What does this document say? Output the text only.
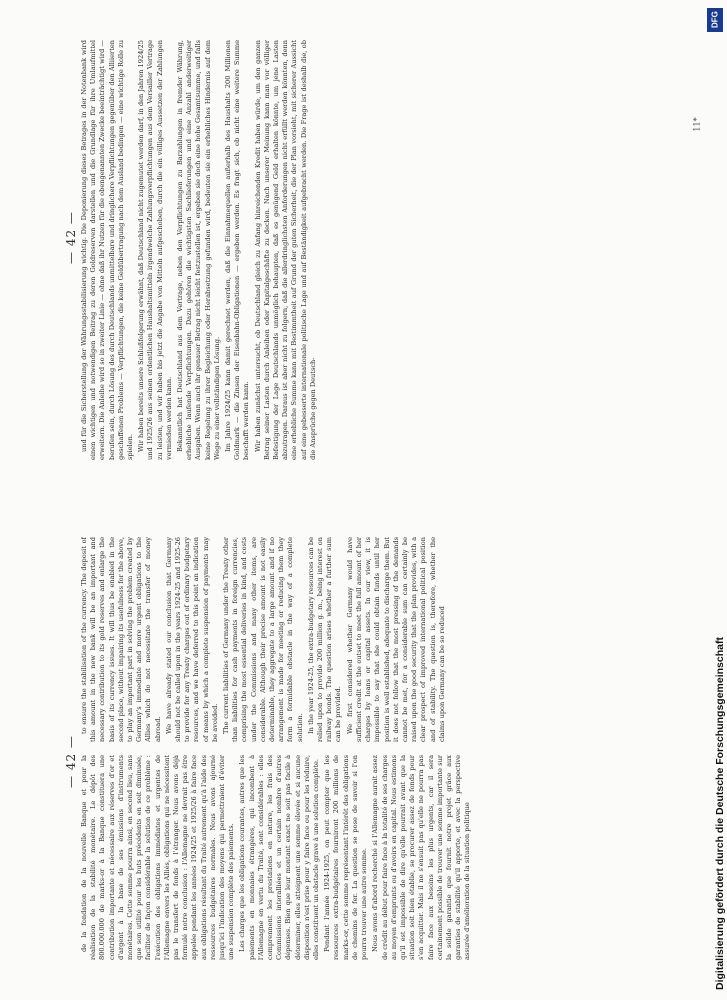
— 42 — de la fondation de la nouvelle Banque et pour la réalisation de la stabilité monétaire. Le dépôt des 800.000.000 de marks-or à la Banque constituera une contribution importante et nécessaire aux réserves d'or et d'argent à la base de ses émissions d'instruments monétaires. Cette somme pourra ainsi, en second lieu, sans que son utilité pour les buts précédents en soit diminuée, faciliter de façon considérable la solution de ce problème : l'exécution des obligations immédiates et urgentes de l'Allemagne envers les Alliés, obligations qui ne nécessitent pas le transfert de fonds à l'étranger. Nous avons déjà formulé notre conclusion : l'Allemagne ne devrait pas être appelée pendant les années 1924/25 et 1925/26 à faire face aux obligations résultant du Traité autrement qu'à l'aide des ressources budgétaires normales. Nous avons ajourné jusqu'ici l'indication des moyens qui permettraient d'éviter une suspension complète des paiements. Les charges que les obligations courantes, autres que les paiements en monnaies étrangères, qui incombent à l'Allemagne en vertu du Traité, sont considérables : elles comprennent les prestations en nature, les frais des Commissions interalliées et un certain nombre d'autres dépenses. Bien que leur montant exact ne soit pas facile à déterminer, elles atteignent une somme élevée et si aucune disposition n'est prise pour y faire face ou pour les réduire, elles constituent un obstacle grave à une solution complète. Pendant l'année 1924-1925, on peut compter que les ressources extra-budgétaires fourniront 200 millions de marks-or, cette somme représentant l'intérêt des obligations de chemins de fer. La question se pose de savoir si l'on pourra trouver une autre somme. Nous avons d'abord recherché si l'Allemagne aurait assez de crédit au début pour faire face à la totalité de ses charges au moyen d'emprunts ou d'avoirs en capital. Nous estimons qu'il est impossible de dire qu'elle pourrait avant que la situation soit bien établie, se procurer assez de fonds pour s'en acquitter. Mais il ne s'ensuit pas qu'elle ne pourra pas faire face aux besoins les plus urgents, car il sera certainement possible de trouver une somme importante sur la solide garantie que fournit notre projet grâce aux garanties de stabilité qu'il apporte, et avec la perspective assurée d'amélioration de la situation politique

to ensure the stabilisation of the currency. The deposit of this amount in the new bank will be an important and necessary contribution to its gold reserves and enlarge the basis of its currency issues. It will thus be enabled in the second place, without impairing its usefulness for the above, to play an important part in solving the problem created by Germany's immediate and more urgent obligations to the Allies which do not necessitate the transfer of money abroad. We have already stated our conclusion that Germany should not be called upon in the years 1924-25 and 1925-26 to provide for any Treaty charges out of ordinary budgetary resources, and we have deferred to this point an indication of means by which a complete suspension of payments may be avoided. The current liabilities of Germany under the Treaty other than liabilities for cash payments in foreign currencies, comprising the most essential deliveries in kind, and costs under the Commissions and many other items, are considerable. Although their precise amount is not easily determinable, they aggregate to a large amount and if no arrangement is made for meeting or reducing them they form a formidable obstacle in the way of a complete solution. In the year 1924-25, the extra-budgetary resources can be relied upon to provide 200 million g. m., being interest on railway bonds. The question arises whether a further sum can be provided. We first considered whether Germany would have sufficient credit at the outset to meet the full amount of her charges by loans or capital assets. In our view, it is impossible to say that she could obtain funds until her position is well established, adequate to discharge them. But it does not follow that the most pressing of the demands cannot be met, for a considerable sum can certainly be raised upon the good security that the plan provides, with a clear prospect of improved international political position and of stability. The question is, therefore, whether the claims upon Germany can be so reduced

— 42 — und für die Sicherstellung der Währungsstabilisierung wichtig. Die Deponierung dieses Betrages in der Notenbank wird einen wichtigen und notwendigen Beitrag zu deren Goldreserven darstellen und die Grundlage für ihre Umlaufmittel erweitern. Die Anleihe wird so in zweiter Linie — ohne daß ihr Nutzen für die obengenannten Zwecke beeinträchtigt wird — berufen sein, durch Lösung des durch Deutschlands unmittelbare und dringlichere Verpflichtungen gegenüber den Alliierten geschaffenen Problems — Verpflichtungen, die keine Geldübertragung nach dem Ausland bedingen — eine wichtige Rolle zu spielen. Wir haben bereits unsere Schlußfolgerung erwähnt, daß Deutschland nicht zugemutet werden darf, in den Jahren 1924/25 und 1925/26 aus seinen ordentlichen Haushaltsmitteln irgendwelche Zahlungsverpflichtungen aus dem Versailler Vertrage zu leisten, und wir haben bis jetzt die Angabe von Mitteln aufgeschoben, durch die ein völliges Aussetzen der Zahlungen vermieden werden kann. Bekanntlich hat Deutschland aus dem Vertrage, neben den Verpflichtungen zu Barzahlungen in fremder Währung, erhebliche laufende Verpflichtungen. Dazu gehören die wichtigsten Sachlieferungen und eine Anzahl anderweitiger Ausgaben. Wenn auch ihr genauer Betrag nicht leicht festzustellen ist, ergeben sie doch eine hohe Gesamtsumme, und falls keine Regelung zu ihrer Begleichung oder Herabsetzung gefunden wird, bedeuten sie ein erhebliches Hindernis auf dem Wege zu einer vollständigen Lösung. Im Jahre 1924/25 kann damit gerechnet werden, daß die Einnahmequellen außerhalb des Haushalts 200 Millionen Goldmark — die Zinsen der Eisenbahn-Obligationen — ergeben werden. Es fragt sich, ob nicht eine weitere Summe beschafft werden kann. Wir haben zunächst untersucht, ob Deutschland gleich zu Anfang hinreichenden Kredit haben würde, um den ganzen Betrag seiner Lasten durch Anleihen oder Kapitalgeschäfte zu decken. Nach unserer Meinung kann man vor völliger Befestigung der Lage Deutschlands unmöglich behaupten, daß es genügend Geld erhalten könnte, um jene Lasten abzutragen. Daraus ist aber nicht zu folgern, daß die allerdringlichsten Anforderungen nicht erfüllt werden könnten, denn eine erhebliche Summe kann mit Bestimmtheit auf Grund der guten Sicherheit, die der Plan vorsieht, mit sicherer Aussicht auf eine gebesserte internationale politische Lage und auf Beständigkeit aufgebracht werden. Die Frage ist deshalb die, ob die Ansprüche gegen Deutsch-

11*
Digitalisierung gefördert durch die Deutsche Forschungsgemeinschaft
DFG
